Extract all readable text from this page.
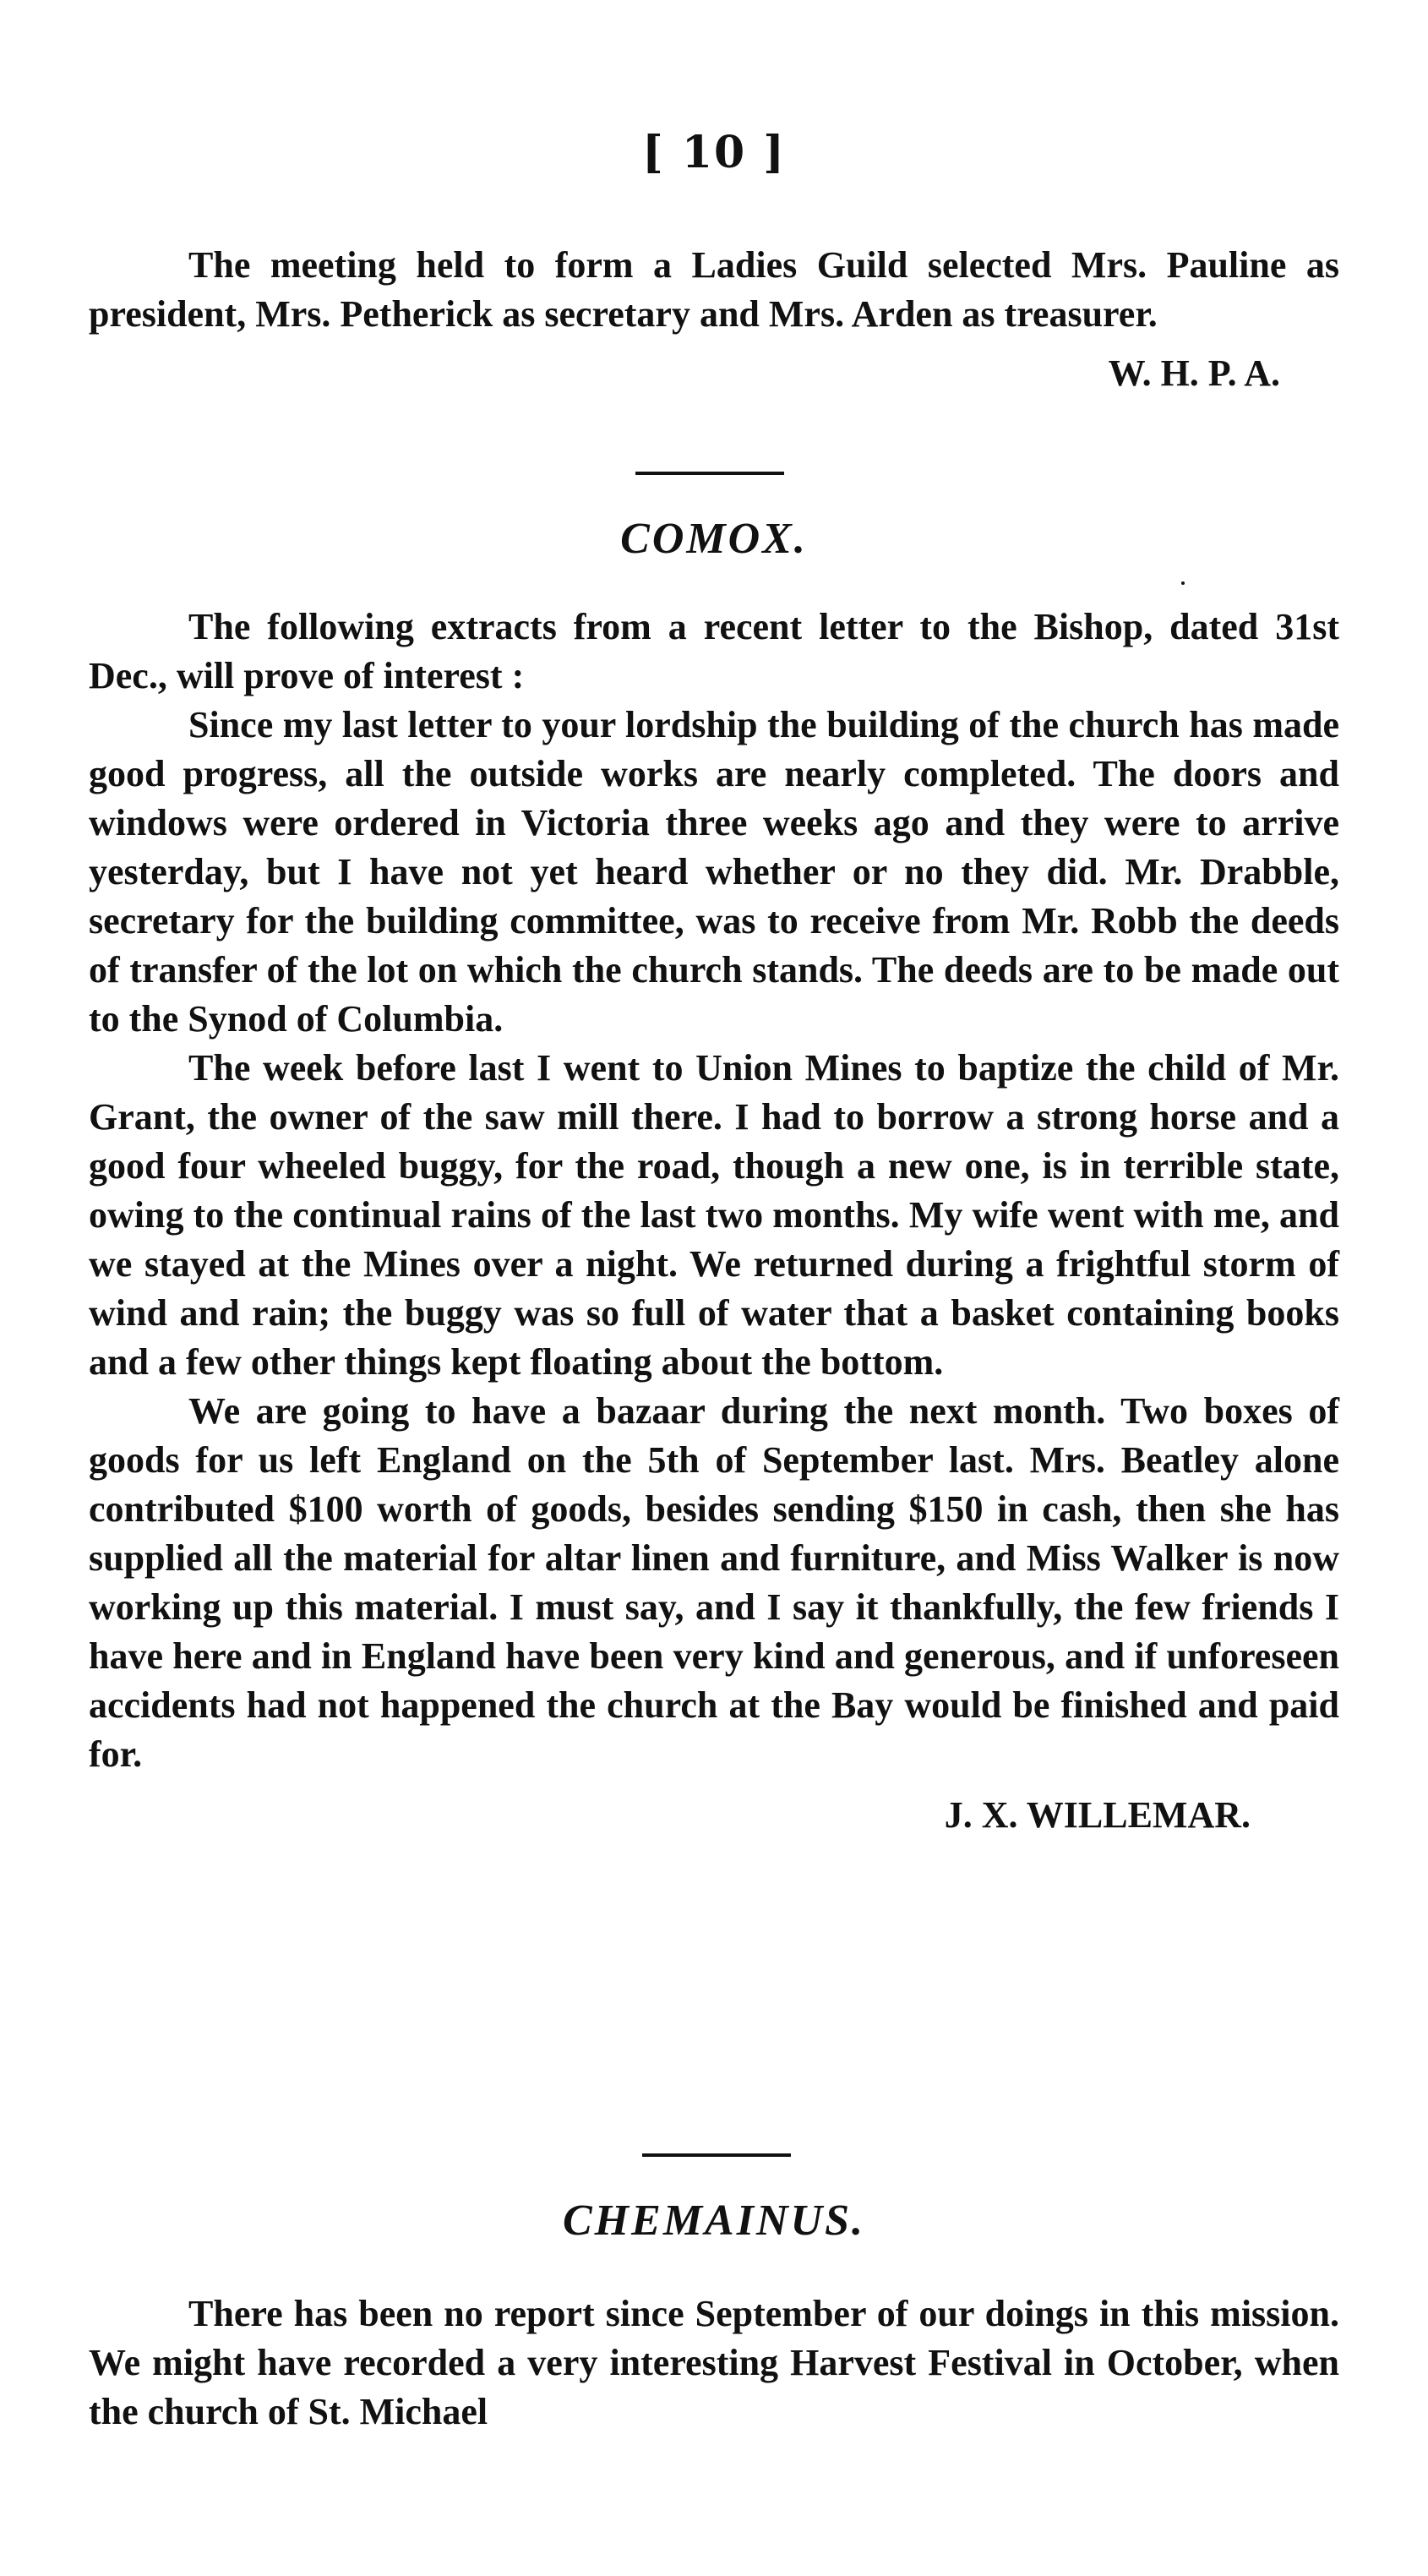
[ 10 ]

The meeting held to form a Ladies Guild selected Mrs. Pauline as president, Mrs. Petherick as secretary and Mrs. Arden as treasurer.

W. H. P. A.

COMOX.

The following extracts from a recent letter to the Bishop, dated 31st Dec., will prove of interest :

Since my last letter to your lordship the building of the church has made good progress, all the outside works are nearly completed. The doors and windows were ordered in Victoria three weeks ago and they were to arrive yesterday, but I have not yet heard whether or no they did. Mr. Drabble, secretary for the building committee, was to receive from Mr. Robb the deeds of transfer of the lot on which the church stands. The deeds are to be made out to the Synod of Columbia.

The week before last I went to Union Mines to baptize the child of Mr. Grant, the owner of the saw mill there. I had to borrow a strong horse and a good four wheeled buggy, for the road, though a new one, is in terrible state, owing to the continual rains of the last two months. My wife went with me, and we stayed at the Mines over a night. We returned during a frightful storm of wind and rain; the buggy was so full of water that a basket containing books and a few other things kept floating about the bottom.

We are going to have a bazaar during the next month. Two boxes of goods for us left England on the 5th of September last. Mrs. Beatley alone contributed $100 worth of goods, besides sending $150 in cash, then she has supplied all the material for altar linen and furniture, and Miss Walker is now working up this material. I must say, and I say it thankfully, the few friends I have here and in England have been very kind and generous, and if unforeseen accidents had not happened the church at the Bay would be finished and paid for.

J. X. WILLEMAR.

CHEMAINUS.

There has been no report since September of our doings in this mission. We might have recorded a very interesting Harvest Festival in October, when the church of St. Michael
